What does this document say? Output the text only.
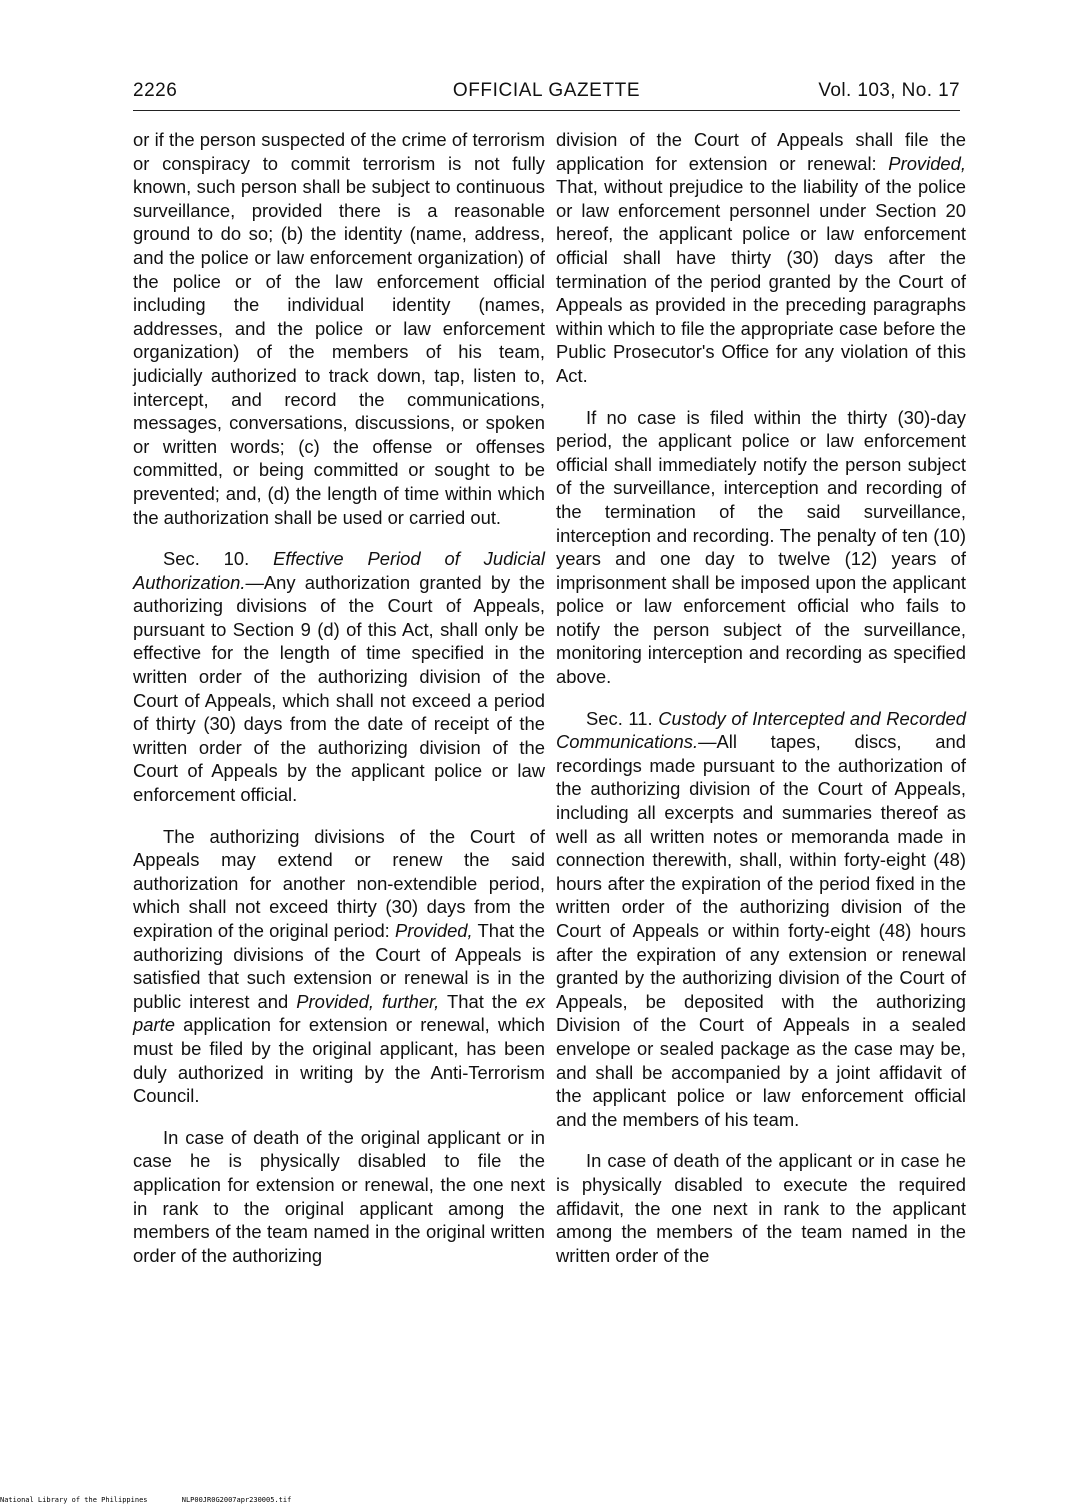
2226	OFFICIAL GAZETTE	Vol. 103, No. 17

or if the person suspected of the crime of terrorism or conspiracy to commit terrorism is not fully known, such person shall be subject to continuous surveillance, provided there is a reasonable ground to do so; (b) the identity (name, address, and the police or law enforcement organization) of the police or of the law enforcement official including the individual identity (names, addresses, and the police or law enforcement organization) of the members of his team, judicially authorized to track down, tap, listen to, intercept, and record the communications, messages, conversations, discussions, or spoken or written words; (c) the offense or offenses committed, or being committed or sought to be prevented; and, (d) the length of time within which the authorization shall be used or carried out.

Sec. 10. Effective Period of Judicial Authorization.—Any authorization granted by the authorizing divisions of the Court of Appeals, pursuant to Section 9 (d) of this Act, shall only be effective for the length of time specified in the written order of the authorizing division of the Court of Appeals, which shall not exceed a period of thirty (30) days from the date of receipt of the written order of the authorizing division of the Court of Appeals by the applicant police or law enforcement official.

The authorizing divisions of the Court of Appeals may extend or renew the said authorization for another non-extendible period, which shall not exceed thirty (30) days from the expiration of the original period: Provided, That the authorizing divisions of the Court of Appeals is satisfied that such extension or renewal is in the public interest and Provided, further, That the ex parte application for extension or renewal, which must be filed by the original applicant, has been duly authorized in writing by the Anti-Terrorism Council.

In case of death of the original applicant or in case he is physically disabled to file the application for extension or renewal, the one next in rank to the original applicant among the members of the team named in the original written order of the authorizing

division of the Court of Appeals shall file the application for extension or renewal: Provided, That, without prejudice to the liability of the police or law enforcement personnel under Section 20 hereof, the applicant police or law enforcement official shall have thirty (30) days after the termination of the period granted by the Court of Appeals as provided in the preceding paragraphs within which to file the appropriate case before the Public Prosecutor's Office for any violation of this Act.

If no case is filed within the thirty (30)-day period, the applicant police or law enforcement official shall immediately notify the person subject of the surveillance, interception and recording of the termination of the said surveillance, interception and recording. The penalty of ten (10) years and one day to twelve (12) years of imprisonment shall be imposed upon the applicant police or law enforcement official who fails to notify the person subject of the surveillance, monitoring interception and recording as specified above.

Sec. 11. Custody of Intercepted and Recorded Communications.—All tapes, discs, and recordings made pursuant to the authorization of the authorizing division of the Court of Appeals, including all excerpts and summaries thereof as well as all written notes or memoranda made in connection therewith, shall, within forty-eight (48) hours after the expiration of the period fixed in the written order of the authorizing division of the Court of Appeals or within forty-eight (48) hours after the expiration of any extension or renewal granted by the authorizing division of the Court of Appeals, be deposited with the authorizing Division of the Court of Appeals in a sealed envelope or sealed package as the case may be, and shall be accompanied by a joint affidavit of the applicant police or law enforcement official and the members of his team.

In case of death of the applicant or in case he is physically disabled to execute the required affidavit, the one next in rank to the applicant among the members of the team named in the written order of the

National Library of the Philippines	NLP00JR0G2007apr230005.tif
